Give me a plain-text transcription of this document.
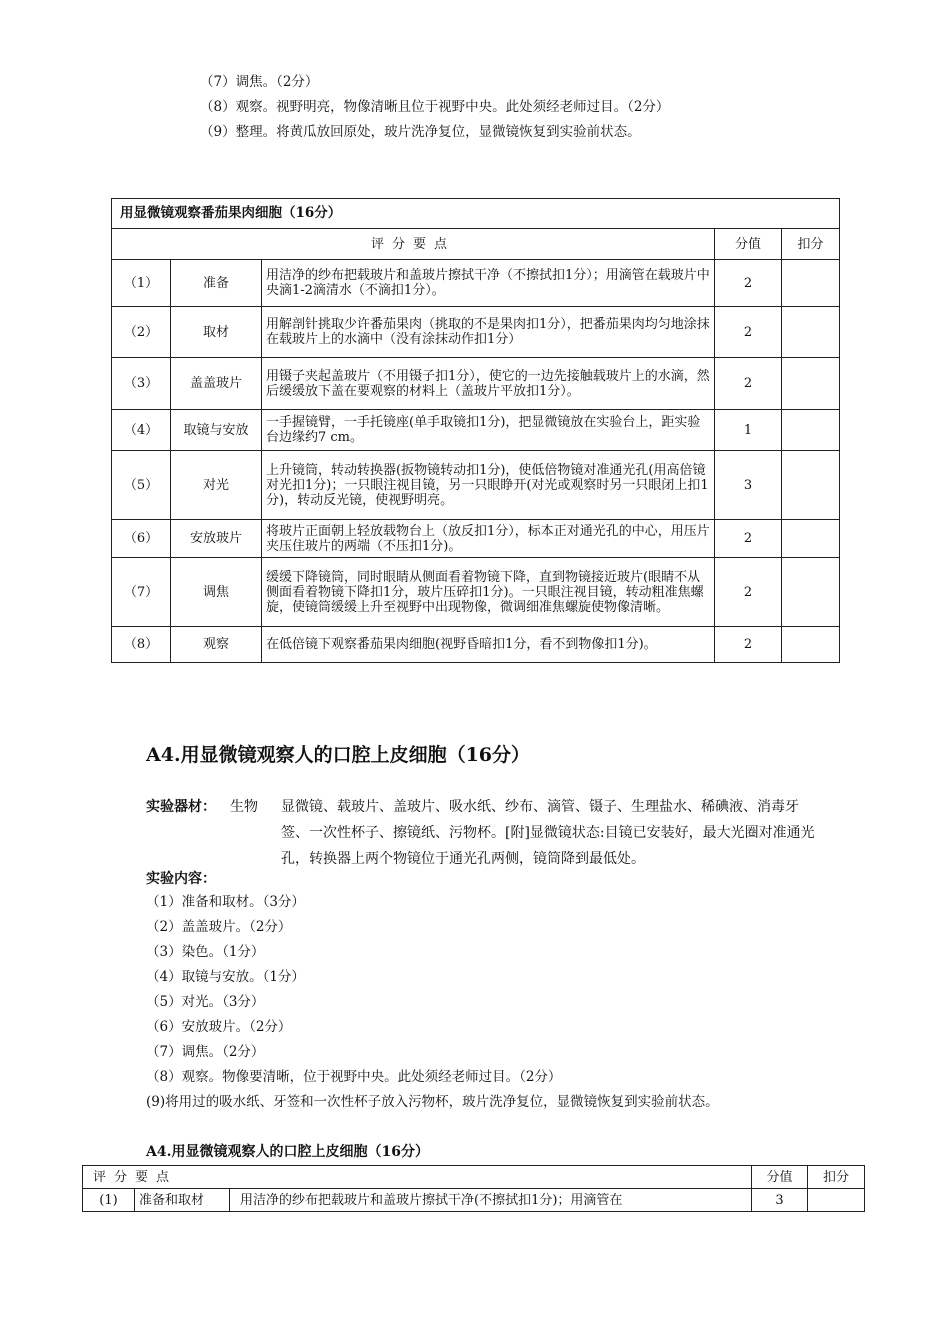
（7）调焦。（2分）
（8）观察。视野明亮，物像清晰且位于视野中央。此处须经老师过目。（2分）
（9）整理。将黄瓜放回原处，玻片洗净复位，显微镜恢复到实验前状态。
用显微镜观察番茄果肉细胞（16分）				
评分要点			分值	扣分
（1）	准备	用洁净的纱布把载玻片和盖玻片擦拭干净（不擦拭扣1分）；用滴管在载玻片中央滴1-2滴清水（不滴扣1分）。	2	
（2）	取材	用解剖针挑取少许番茄果肉（挑取的不是果肉扣1分），把番茄果肉均匀地涂抹在载玻片上的水滴中（没有涂抹动作扣1分）	2	
（3）	盖盖玻片	用镊子夹起盖玻片（不用镊子扣1分），使它的一边先接触载玻片上的水滴，然后缓缓放下盖在要观察的材料上（盖玻片平放扣1分）。	2	
（4）	取镜与安放	一手握镜臂，一手托镜座(单手取镜扣1分)，把显微镜放在实验台上，距实验台边缘约7 cm。	1	
（5）	对光	上升镜筒，转动转换器(扳物镜转动扣1分)，使低倍物镜对准通光孔(用高倍镜对光扣1分)；一只眼注视目镜，另一只眼睁开(对光或观察时另一只眼闭上扣1分)，转动反光镜，使视野明亮。	3	
（6）	安放玻片	将玻片正面朝上轻放载物台上（放反扣1分），标本正对通光孔的中心，用压片夹压住玻片的两端（不压扣1分)。	2	
（7）	调焦	缓缓下降镜筒，同时眼睛从侧面看着物镜下降，直到物镜接近玻片(眼睛不从侧面看着物镜下降扣1分，玻片压碎扣1分)。一只眼注视目镜，转动粗准焦螺旋，使镜筒缓缓上升至视野中出现物像，微调细准焦螺旋使物像清晰。	2	
（8）	观察	在低倍镜下观察番茄果肉细胞(视野昏暗扣1分，看不到物像扣1分)。	2	
A4.用显微镜观察人的口腔上皮细胞（16分）
实验器材： 生物 显微镜、载玻片、盖玻片、吸水纸、纱布、滴管、镊子、生理盐水、稀碘液、消毒牙签、一次性杯子、擦镜纸、污物杯。[附]显微镜状态:目镜已安装好，最大光圈对准通光孔，转换器上两个物镜位于通光孔两侧，镜筒降到最低处。
实验内容：
（1）准备和取材。（3分）
（2）盖盖玻片。（2分）
（3）染色。（1分）
（4）取镜与安放。（1分）
（5）对光。（3分）
（6）安放玻片。（2分）
（7）调焦。（2分）
（8）观察。物像要清晰，位于视野中央。此处须经老师过目。（2分）
(9)将用过的吸水纸、牙签和一次性杯子放入污物杯，玻片洗净复位，显微镜恢复到实验前状态。
A4.用显微镜观察人的口腔上皮细胞（16分）
评分要点			分值	扣分
(1)	准备和取材	用洁净的纱布把载玻片和盖玻片擦拭干净(不擦拭扣1分)；用滴管在	3	
